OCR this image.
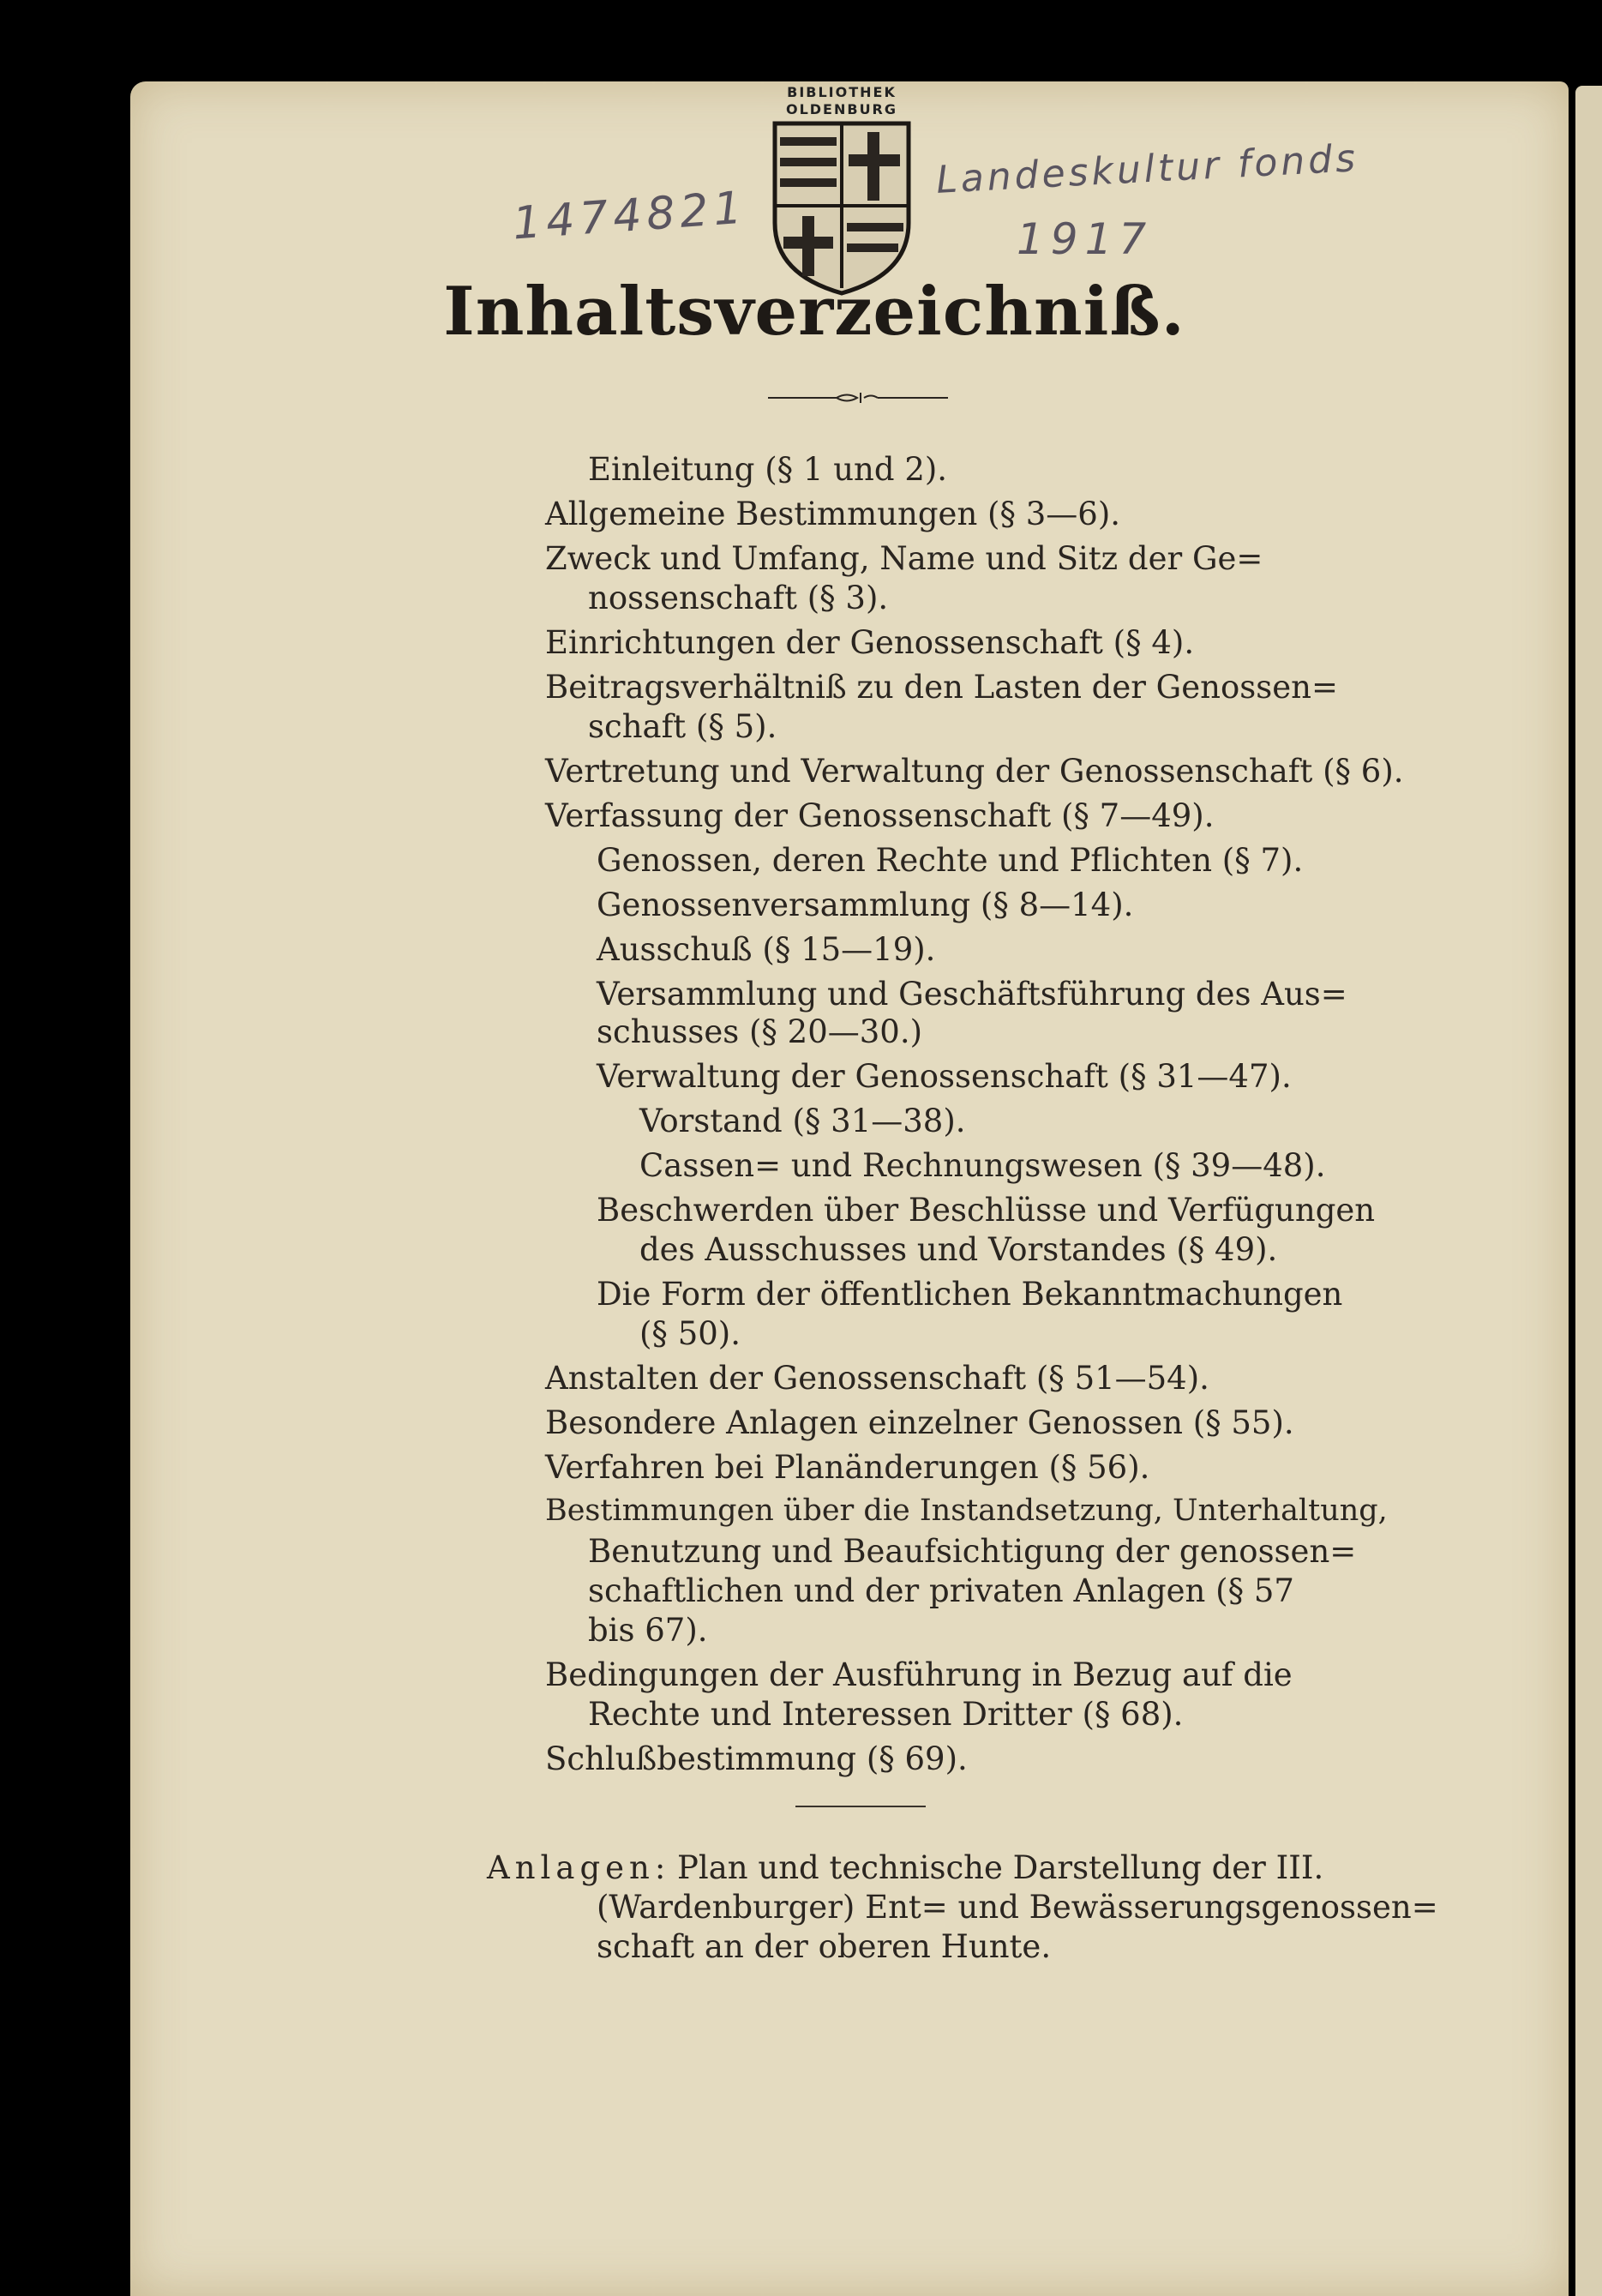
BIBLIOTHEK
OLDENBURG
1474821
Landeskultur fonds
1917
Inhaltsverzeichniß.
Einleitung (§ 1 und 2).
Allgemeine Bestimmungen (§ 3—6).
Zweck und Umfang, Name und Sitz der Ge=
nossenschaft (§ 3).
Einrichtungen der Genossenschaft (§ 4).
Beitragsverhältniß zu den Lasten der Genossen=
schaft (§ 5).
Vertretung und Verwaltung der Genossenschaft (§ 6).
Verfassung der Genossenschaft (§ 7—49).
Genossen, deren Rechte und Pflichten (§ 7).
Genossenversammlung (§ 8—14).
Ausschuß (§ 15—19).
Versammlung und Geschäftsführung des Aus=
schusses (§ 20—30.)
Verwaltung der Genossenschaft (§ 31—47).
Vorstand (§ 31—38).
Cassen= und Rechnungswesen (§ 39—48).
Beschwerden über Beschlüsse und Verfügungen
des Ausschusses und Vorstandes (§ 49).
Die Form der öffentlichen Bekanntmachungen
(§ 50).
Anstalten der Genossenschaft (§ 51—54).
Besondere Anlagen einzelner Genossen (§ 55).
Verfahren bei Planänderungen (§ 56).
Bestimmungen über die Instandsetzung, Unterhaltung,
Benutzung und Beaufsichtigung der genossen=
schaftlichen und der privaten Anlagen (§ 57
bis 67).
Bedingungen der Ausführung in Bezug auf die
Rechte und Interessen Dritter (§ 68).
Schlußbestimmung (§ 69).
Anlagen: Plan und technische Darstellung der III.
(Wardenburger) Ent= und Bewässerungsgenossen=
schaft an der oberen Hunte.
